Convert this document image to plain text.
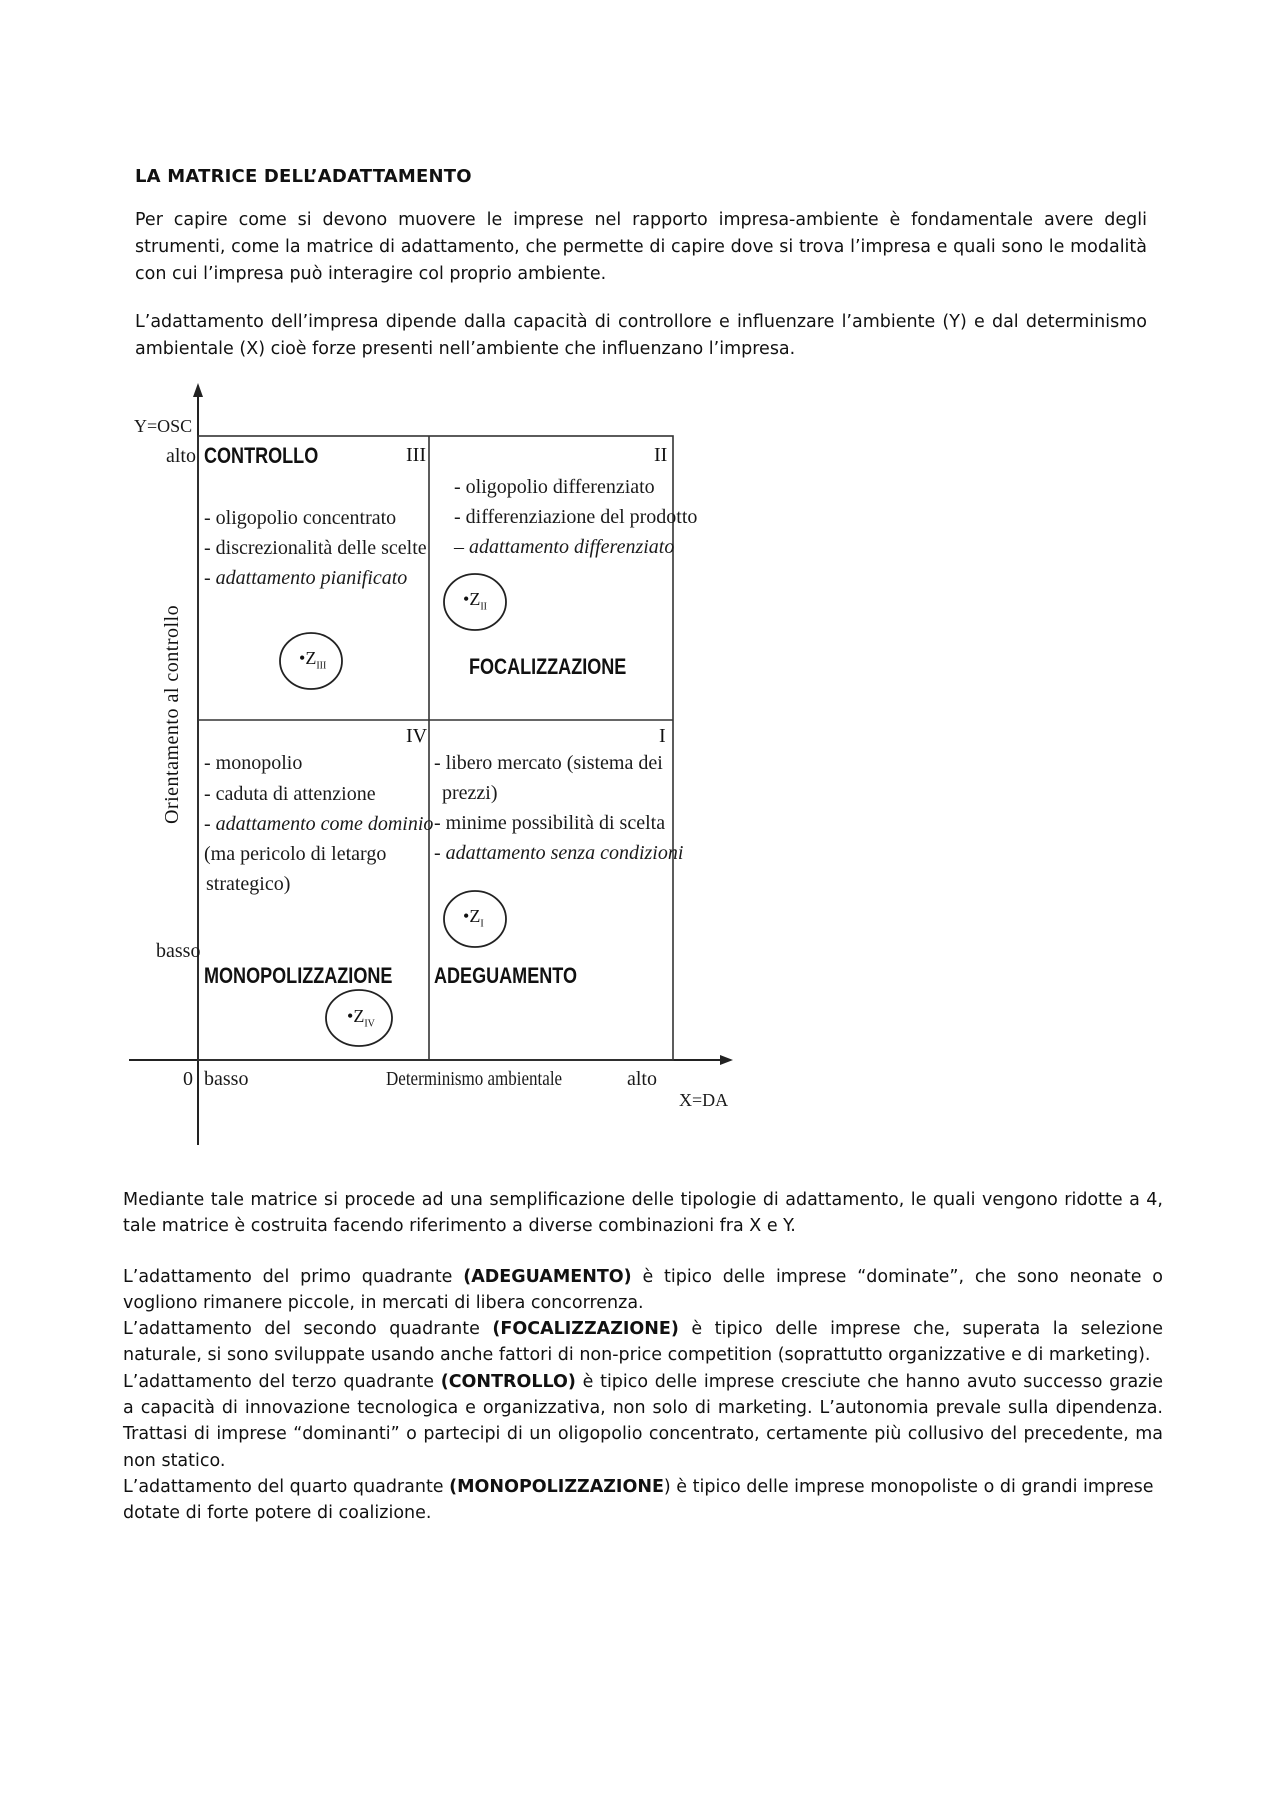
LA MATRICE DELL’ADATTAMENTO

Per capire come si devono muovere le imprese nel rapporto impresa-ambiente è fondamentale avere degli strumenti, come la matrice di adattamento, che permette di capire dove si trova l’impresa e quali sono le modalità con cui l’impresa può interagire col proprio ambiente.

L’adattamento dell’impresa dipende dalla capacità di controllore e influenzare l’ambiente (Y) e dal determinismo ambientale (X) cioè forze presenti nell’ambiente che influenzano l’impresa.

Y=OSC
alto
basso
Orientamento al controllo
0 basso	Determinismo ambientale	alto
X=DA
CONTROLLO	III
- oligopolio concentrato
- discrezionalità delle scelte
- adattamento pianificato
$•Z_{III}$
II
- oligopolio differenziato
- differenziazione del prodotto
– adattamento differenziato
$•Z_{II}$
FOCALIZZAZIONE
IV
- monopolio
- caduta di attenzione
- adattamento come dominio
(ma pericolo di letargo
strategico)
MONOPOLIZZAZIONE
$•Z_{IV}$
I
- libero mercato (sistema dei
prezzi)
- minime possibilità di scelta
- adattamento senza condizioni
$•Z_I$
ADEGUAMENTO

Mediante tale matrice si procede ad una semplificazione delle tipologie di adattamento, le quali vengono ridotte a 4, tale matrice è costruita facendo riferimento a diverse combinazioni fra X e Y.

L’adattamento del primo quadrante (ADEGUAMENTO) è tipico delle imprese “dominate”, che sono neonate o vogliono rimanere piccole, in mercati di libera concorrenza.

L’adattamento del secondo quadrante (FOCALIZZAZIONE) è tipico delle imprese che, superata la selezione naturale, si sono sviluppate usando anche fattori di non-price competition (soprattutto organizzative e di marketing).

L’adattamento del terzo quadrante (CONTROLLO) è tipico delle imprese cresciute che hanno avuto successo grazie a capacità di innovazione tecnologica e organizzativa, non solo di marketing. L’autonomia prevale sulla dipendenza. Trattasi di imprese “dominanti” o partecipi di un oligopolio concentrato, certamente più collusivo del precedente, ma non statico.

L’adattamento del quarto quadrante (MONOPOLIZZAZIONE) è tipico delle imprese monopoliste o di grandi imprese dotate di forte potere di coalizione.
